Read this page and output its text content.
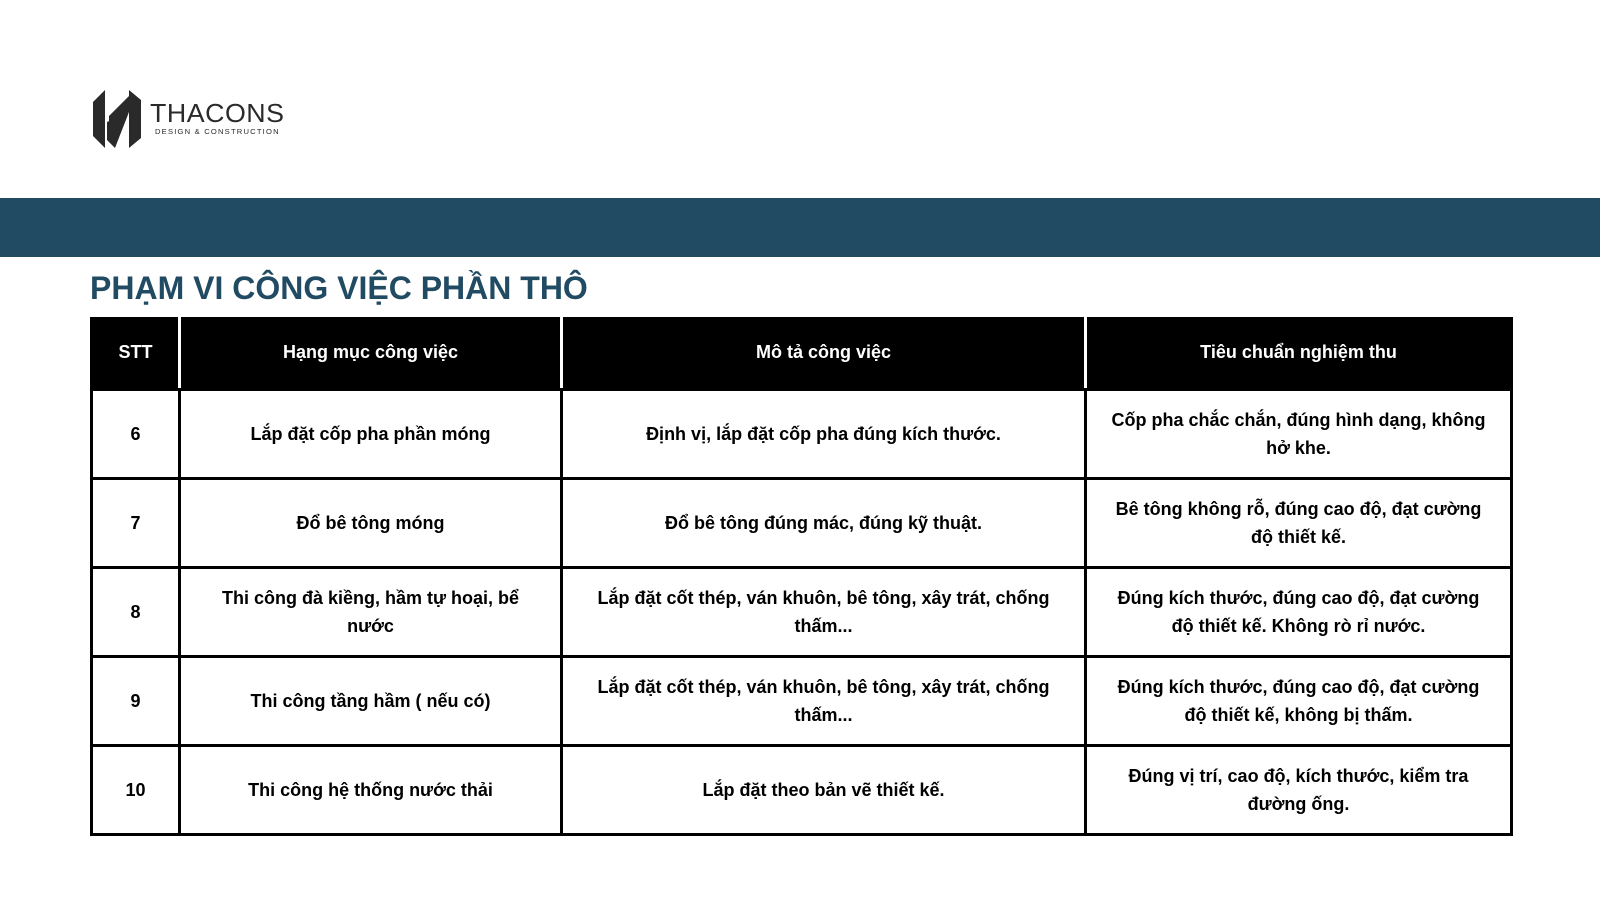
THACONS
DESIGN & CONSTRUCTION
PHẠM VI CÔNG VIỆC PHẦN THÔ
STT	Hạng mục công việc	Mô tả công việc	Tiêu chuẩn nghiệm thu
6	Lắp đặt cốp pha phần móng	Định vị, lắp đặt cốp pha đúng kích thước.	Cốp pha chắc chắn, đúng hình dạng, không hở khe.
7	Đổ bê tông móng	Đổ bê tông đúng mác, đúng kỹ thuật.	Bê tông không rỗ, đúng cao độ, đạt cường độ thiết kế.
8	Thi công đà kiềng, hầm tự hoại, bể nước	Lắp đặt cốt thép, ván khuôn, bê tông, xây trát, chống thấm...	Đúng kích thước, đúng cao độ, đạt cường độ thiết kế. Không rò rỉ nước.
9	Thi công tầng hầm ( nếu có)	Lắp đặt cốt thép, ván khuôn, bê tông, xây trát, chống thấm...	Đúng kích thước, đúng cao độ, đạt cường độ thiết kế, không bị thấm.
10	Thi công hệ thống nước thải	Lắp đặt theo bản vẽ thiết kế.	Đúng vị trí, cao độ, kích thước, kiểm tra đường ống.
